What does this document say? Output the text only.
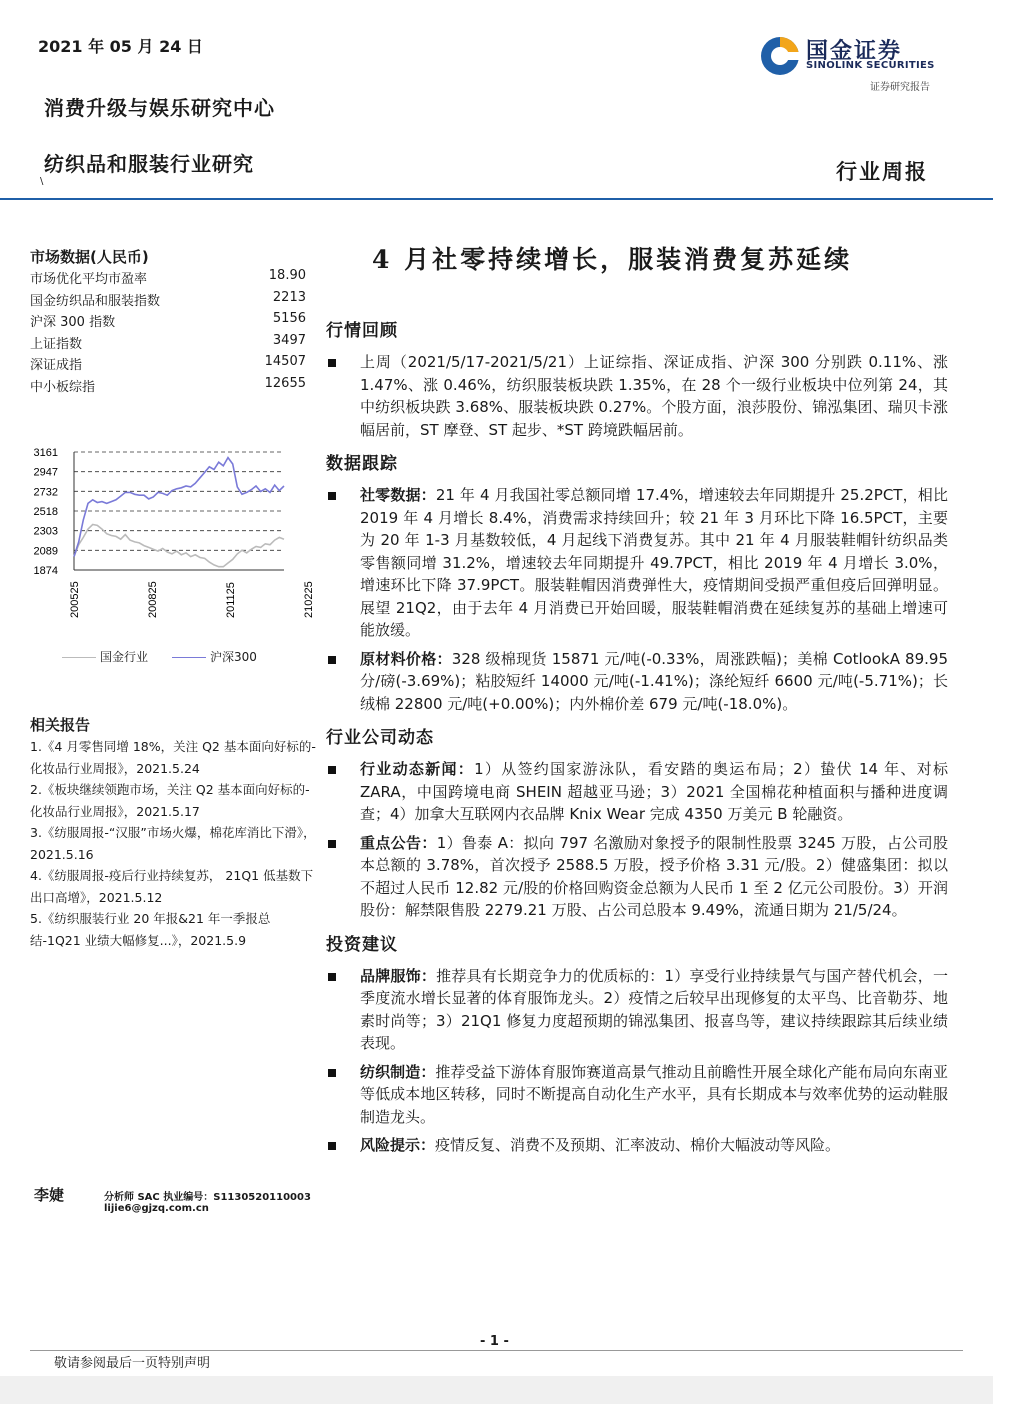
2021 年 05 月 24 日
消费升级与娱乐研究中心
纺织品和服装行业研究
\
国金证券
SINOLINK SECURITIES
证券研究报告
行业周报
4 月社零持续增长，服装消费复苏延续
市场数据(人民币)
市场优化平均市盈率	18.90
国金纺织品和服装指数	2213
沪深 300 指数	5156
上证指数	3497
深证成指	14507
中小板综指	12655
3161
2947
2732
2518
2303
2089
1874
200525	200825	201125	210225
国金行业	沪深300
相关报告

1.《4 月零售同增 18%，关注 Q2 基本面向好标的-化妆品行业周报》，2021.5.24

2.《板块继续领跑市场，关注 Q2 基本面向好标的-化妆品行业周报》，2021.5.17

3.《纺服周报-“汉服”市场火爆，棉花库消比下滑》，2021.5.16

4.《纺服周报-疫后行业持续复苏， 21Q1 低基数下出口高增》，2021.5.12

5.《纺织服装行业 20 年报&21 年一季报总结-1Q21 业绩大幅修复...》，2021.5.9

李婕	分析师 SAC 执业编号：S1130520110003
lijie6@gjzq.com.cn
行情回顾

上周（2021/5/17-2021/5/21）上证综指、深证成指、沪深 300 分别跌 0.11%、涨 1.47%、涨 0.46%，纺织服装板块跌 1.35%，在 28 个一级行业板块中位列第 24，其中纺织板块跌 3.68%、服装板块跌 0.27%。个股方面，浪莎股份、锦泓集团、瑞贝卡涨幅居前，ST 摩登、ST 起步、*ST 跨境跌幅居前。

数据跟踪

社零数据：21 年 4 月我国社零总额同增 17.4%，增速较去年同期提升 25.2PCT，相比 2019 年 4 月增长 8.4%，消费需求持续回升；较 21 年 3 月环比下降 16.5PCT，主要为 20 年 1-3 月基数较低，4 月起线下消费复苏。其中 21 年 4 月服装鞋帽针纺织品类零售额同增 31.2%，增速较去年同期提升 49.7PCT，相比 2019 年 4 月增长 3.0%，增速环比下降 37.9PCT。服装鞋帽因消费弹性大，疫情期间受损严重但疫后回弹明显。展望 21Q2，由于去年 4 月消费已开始回暖，服装鞋帽消费在延续复苏的基础上增速可能放缓。

原材料价格：328 级棉现货 15871 元/吨(-0.33%，周涨跌幅)；美棉 CotlookA 89.95 分/磅(-3.69%)；粘胶短纤 14000 元/吨(-1.41%)；涤纶短纤 6600 元/吨(-5.71%)；长绒棉 22800 元/吨(+0.00%)；内外棉价差 679 元/吨(-18.0%)。

行业公司动态

行业动态新闻：1）从签约国家游泳队，看安踏的奥运布局；2）蛰伏 14 年、对标 ZARA，中国跨境电商 SHEIN 超越亚马逊；3）2021 全国棉花种植面积与播种进度调查；4）加拿大互联网内衣品牌 Knix Wear 完成 4350 万美元 B 轮融资。

重点公告：1）鲁泰 A：拟向 797 名激励对象授予的限制性股票 3245 万股，占公司股本总额的 3.78%，首次授予 2588.5 万股，授予价格 3.31 元/股。2）健盛集团：拟以不超过人民币 12.82 元/股的价格回购资金总额为人民币 1 至 2 亿元公司股份。3）开润股份：解禁限售股 2279.21 万股、占公司总股本 9.49%，流通日期为 21/5/24。

投资建议

品牌服饰：推荐具有长期竞争力的优质标的：1）享受行业持续景气与国产替代机会，一季度流水增长显著的体育服饰龙头。2）疫情之后较早出现修复的太平鸟、比音勒芬、地素时尚等；3）21Q1 修复力度超预期的锦泓集团、报喜鸟等，建议持续跟踪其后续业绩表现。

纺织制造：推荐受益下游体育服饰赛道高景气推动且前瞻性开展全球化产能布局向东南亚等低成本地区转移，同时不断提高自动化生产水平，具有长期成本与效率优势的运动鞋服制造龙头。

风险提示：疫情反复、消费不及预期、汇率波动、棉价大幅波动等风险。

- 1 -
敬请参阅最后一页特别声明
